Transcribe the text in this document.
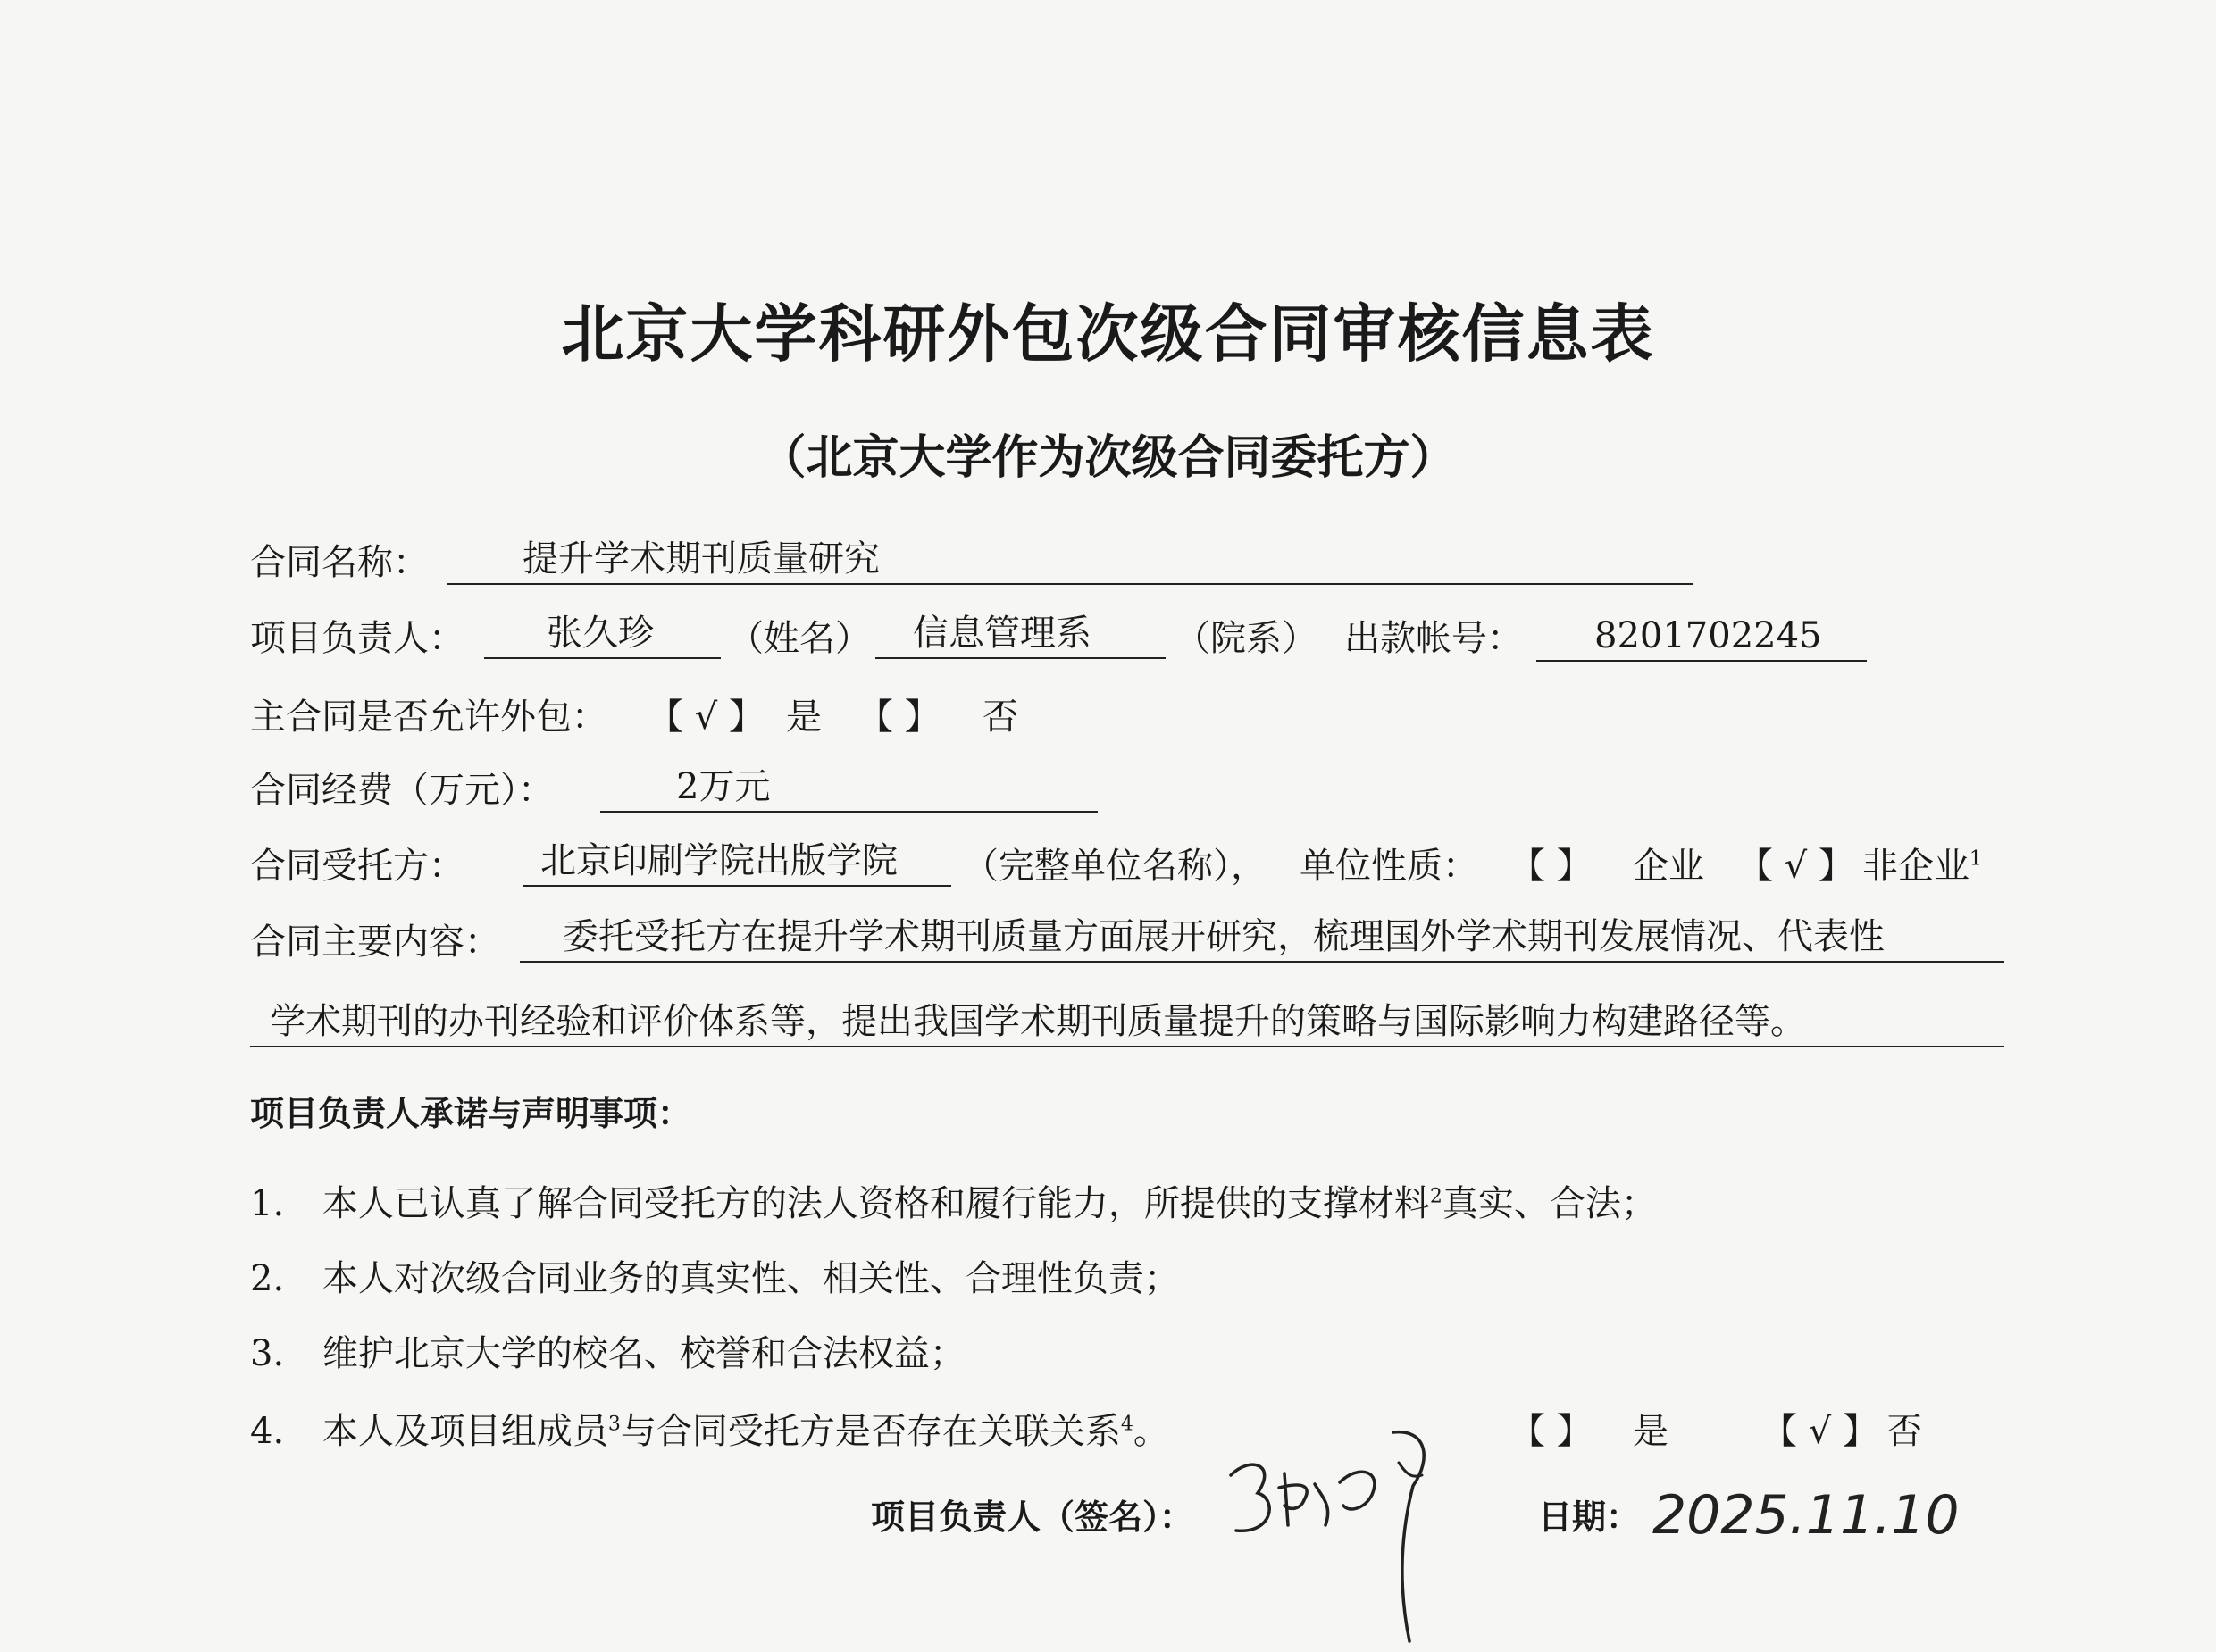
北京大学科研外包次级合同审核信息表
（北京大学作为次级合同委托方）
合同名称：	提升学术期刊质量研究
项目负责人： 张久珍 （姓名） 信息管理系 （院系） 出款帐号： 8201702245
主合同是否允许外包： 【 √ 】 是 【 】 否
合同经费（万元）：	2万元
合同受托方： 北京印刷学院出版学院 （完整单位名称）， 单位性质： 【 】 企业 【 √ 】 非企业$^1$
合同主要内容： 委托受托方在提升学术期刊质量方面展开研究，梳理国外学术期刊发展情况、代表性
学术期刊的办刊经验和评价体系等，提出我国学术期刊质量提升的策略与国际影响力构建路径等。
项目负责人承诺与声明事项：
1. 本人已认真了解合同受托方的法人资格和履行能力，所提供的支撑材料$^2$真实、合法；
2. 本人对次级合同业务的真实性、相关性、合理性负责；
3. 维护北京大学的校名、校誉和合法权益；
4. 本人及项目组成员$^3$与合同受托方是否存在关联关系$^4$。	【 】 是	【 √ 】 否
项目负责人（签名）：	日期： 2025.11.10
